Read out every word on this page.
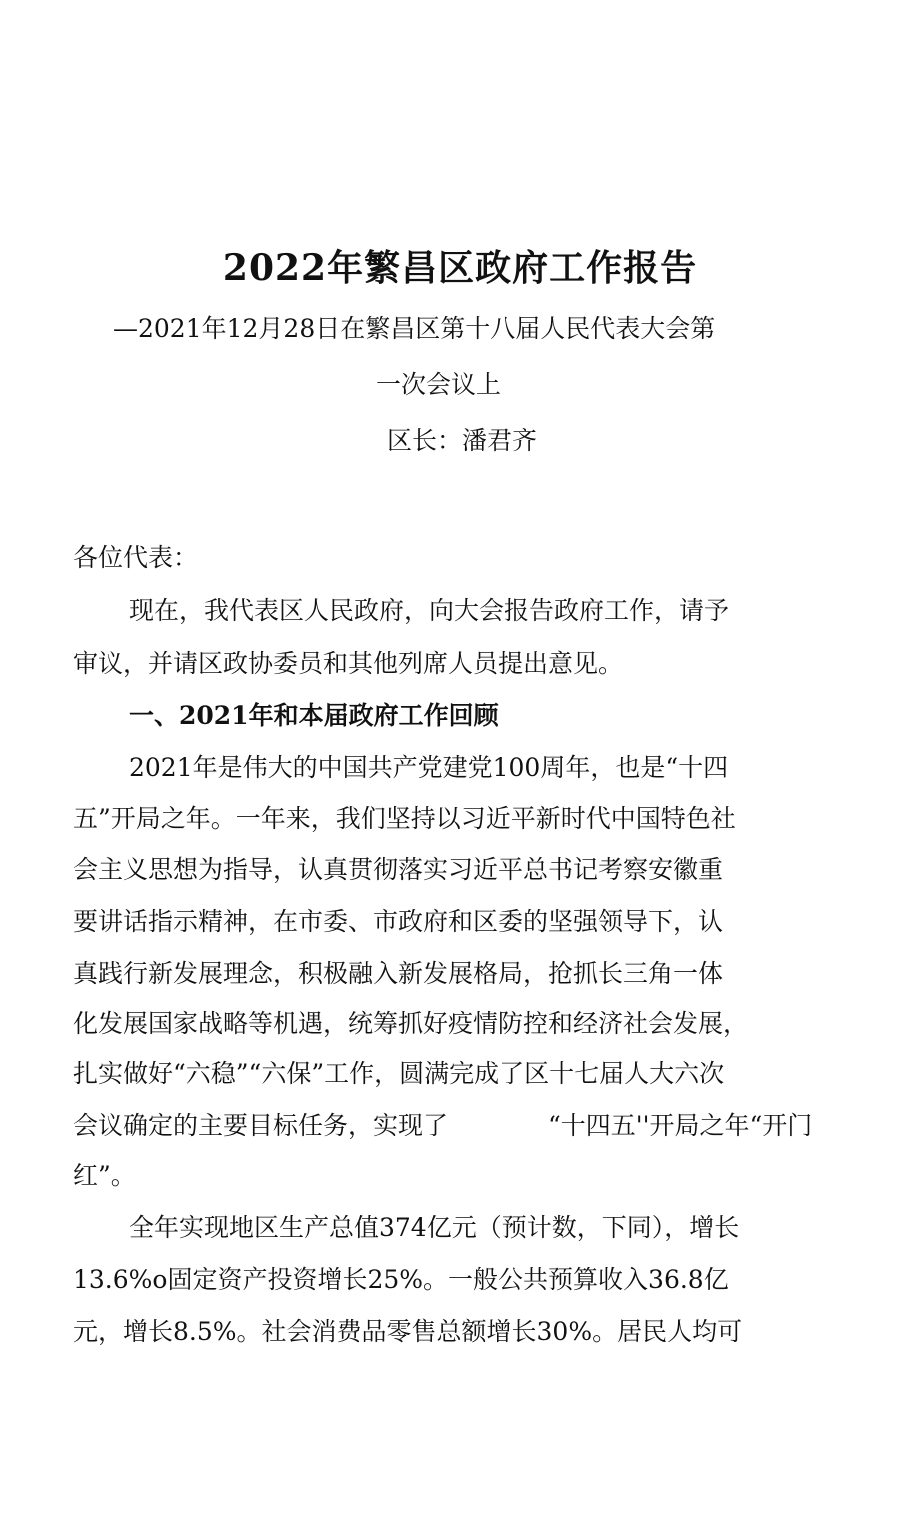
2022年繁昌区政府工作报告
—2021年12月28日在繁昌区第十八届人民代表大会第
一次会议上
区长：潘君齐
各位代表：
现在，我代表区人民政府，向大会报告政府工作，请予
审议，并请区政协委员和其他列席人员提出意见。
一、2021年和本届政府工作回顾
2021年是伟大的中国共产党建党100周年，也是“十四
五”开局之年。一年来，我们坚持以习近平新时代中国特色社
会主义思想为指导，认真贯彻落实习近平总书记考察安徽重
要讲话指示精神，在市委、市政府和区委的坚强领导下，认
真践行新发展理念，积极融入新发展格局，抢抓长三角一体
化发展国家战略等机遇，统筹抓好疫情防控和经济社会发展，
扎实做好“六稳”“六保”工作，圆满完成了区十七届人大六次
会议确定的主要目标任务，实现了	“十四五''开局之年“开门
红”。
全年实现地区生产总值374亿元（预计数，下同），增长
13.6%o固定资产投资增长25%。一般公共预算收入36.8亿
元，增长8.5%。社会消费品零售总额增长30%。居民人均可
